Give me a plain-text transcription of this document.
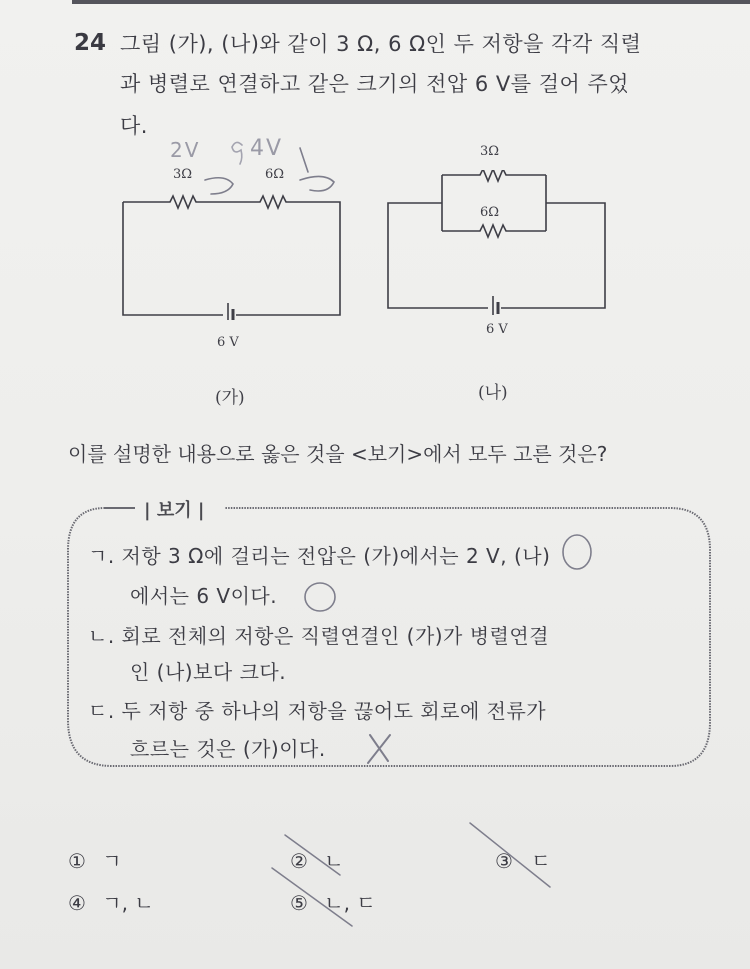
24 그림 (가), (나)와 같이 3 Ω, 6 Ω인 두 저항을 각각 직렬
과 병렬로 연결하고 같은 크기의 전압 6 V를 걸어 주었
다.
3Ω	6Ω
6 V
(가)
3Ω
6Ω
6 V
(나)
이를 설명한 내용으로 옳은 것을 <보기>에서 모두 고른 것은?
| 보기 |
ㄱ. 저항 3 Ω에 걸리는 전압은 (가)에서는 2 V, (나)
에서는 6 V이다.
ㄴ. 회로 전체의 저항은 직렬연결인 (가)가 병렬연결
인 (나)보다 크다.
ㄷ. 두 저항 중 하나의 저항을 끊어도 회로에 전류가
흐르는 것은 (가)이다.
① ㄱ	② ㄴ	③ ㄷ
④ ㄱ, ㄴ	⑤ ㄴ, ㄷ
2V 4V
